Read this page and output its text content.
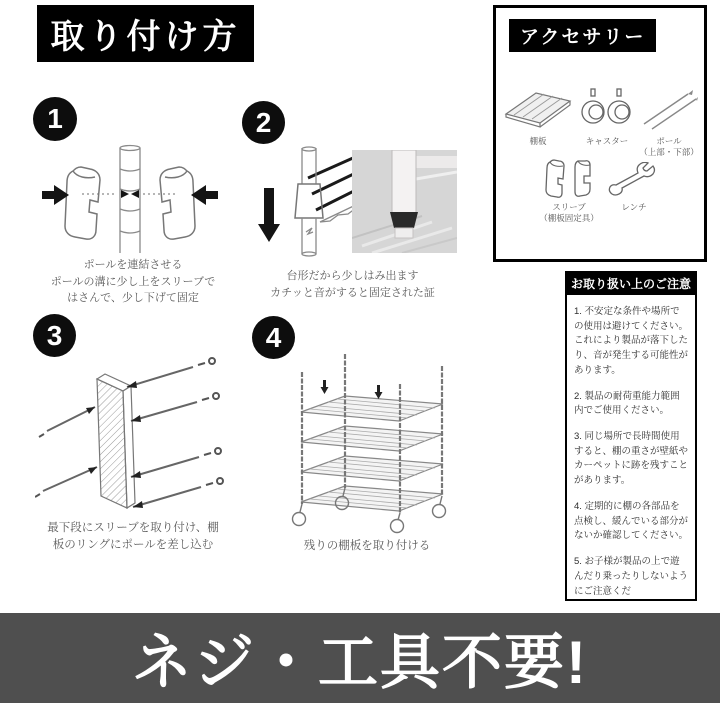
取り付け方
1
ポールを連結させる
ポールの溝に少し上をスリーブで
はさんで、少し下げて固定
2
台形だから少しはみ出ます
カチッと音がすると固定された証
3
最下段にスリーブを取り付け、棚
板のリングにポールを差し込む
4
残りの棚板を取り付ける
アクセサリー
棚板	キャスター	ポール
（上部・下部）
スリーブ
（棚板固定具）
レンチ
お取り扱い上のご注意
1. 不安定な条件や場所での使用は避けてください。これにより製品が落下したり、音が発生する可能性があります。
2. 製品の耐荷重能力範囲内でご使用ください。
3. 同じ場所で長時間使用すると、棚の重さが壁紙やカーペットに跡を残すことがあります。
4. 定期的に棚の各部品を点検し、緩んでいる部分がないか確認してください。
5. お子様が製品の上で遊んだり乗ったりしないようにご注意くだ
ネジ・工具不要!
